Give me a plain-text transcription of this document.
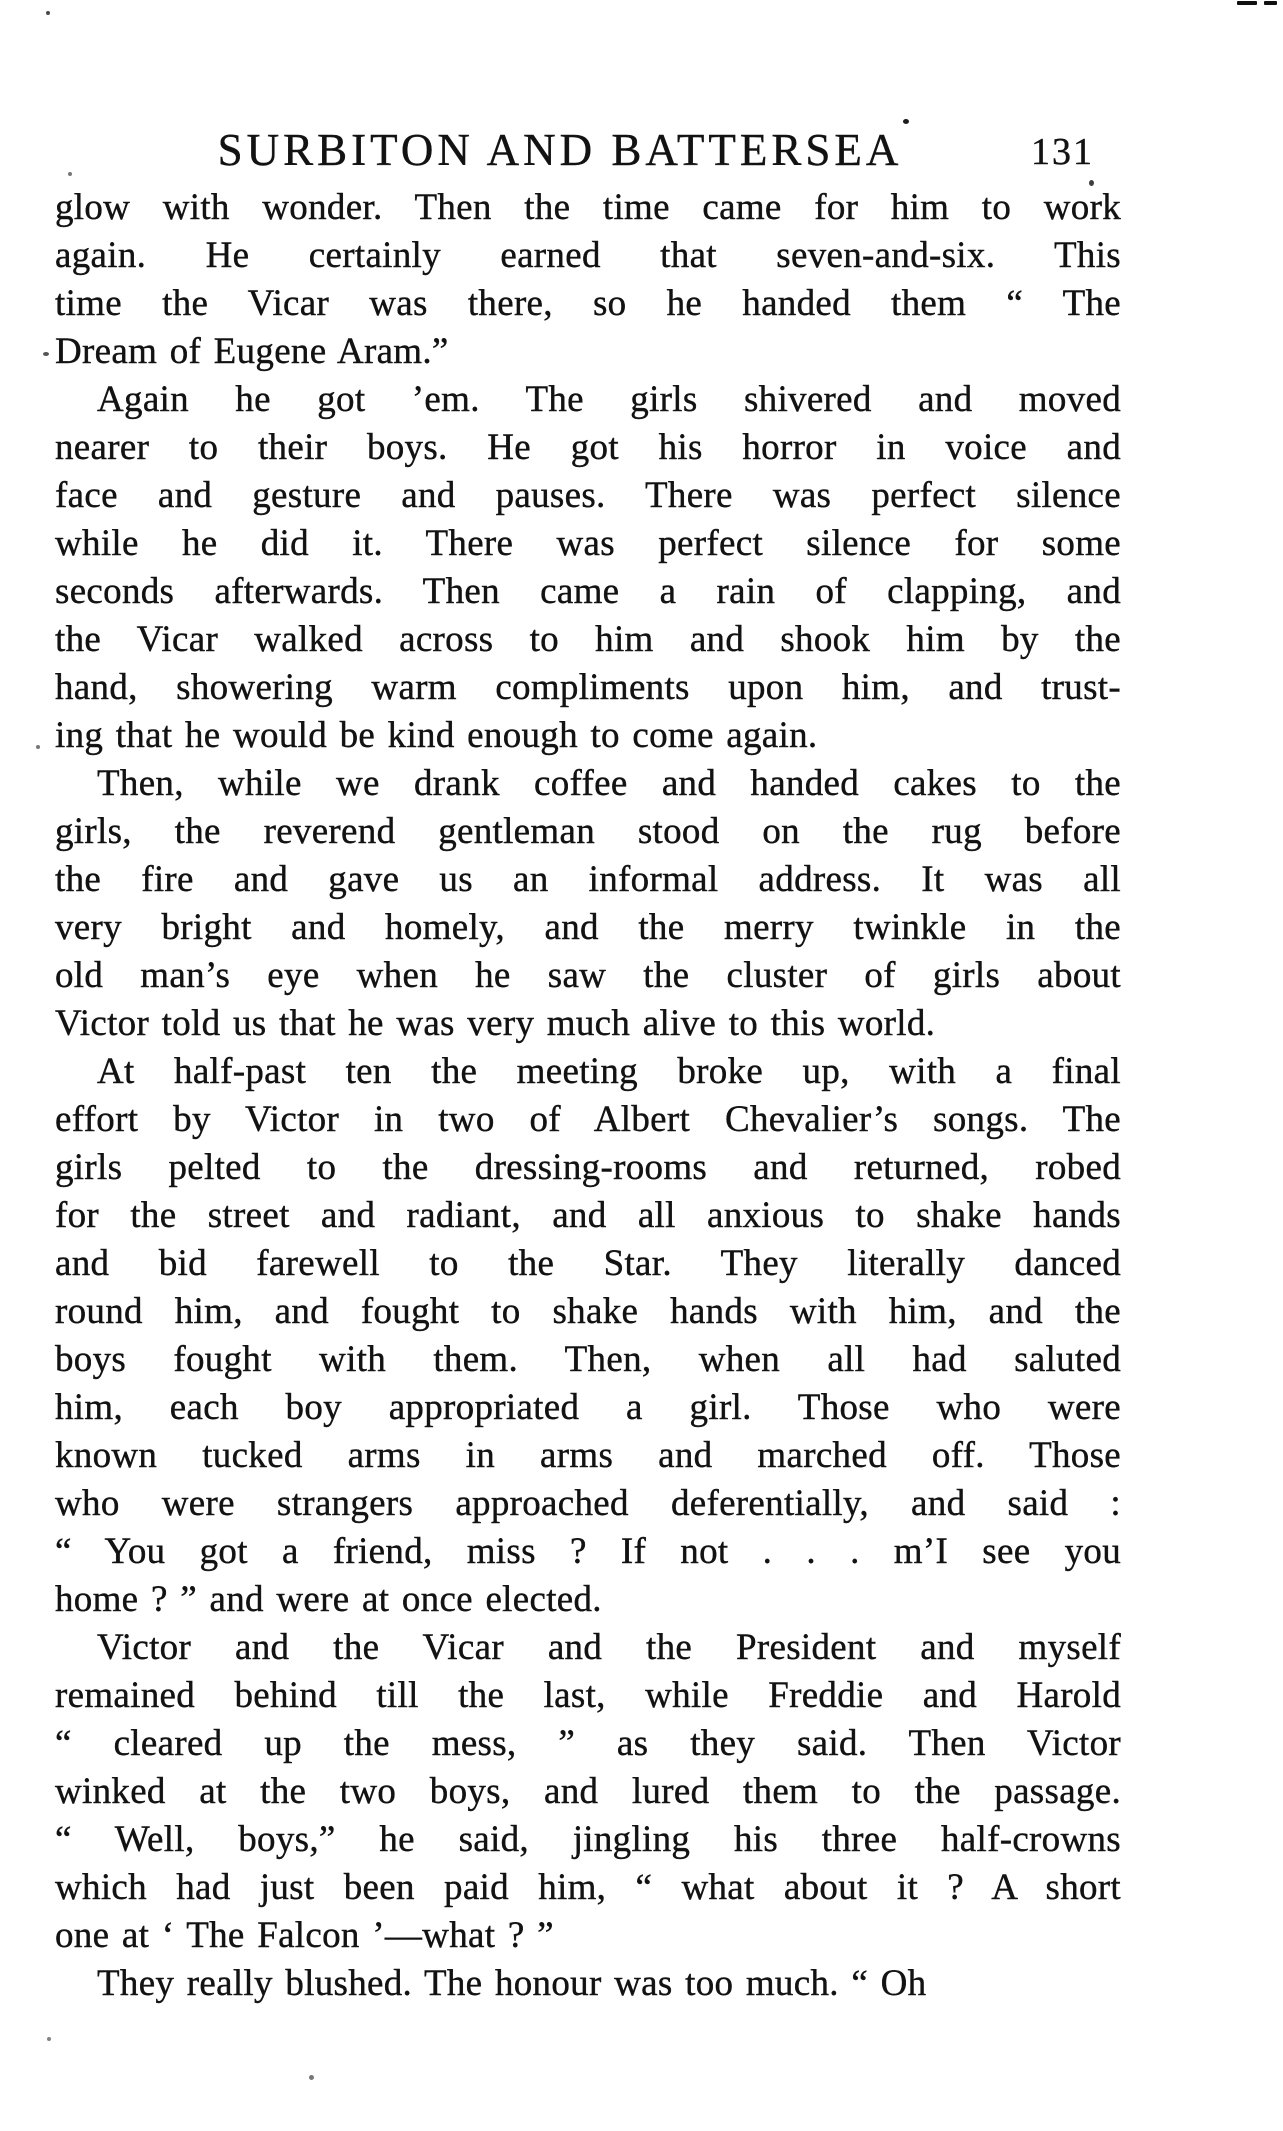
SURBITON AND BATTERSEA	131
glow with wonder. Then the time came for him to work
again. He certainly earned that seven-and-six. This
time the Vicar was there, so he handed them “ The
Dream of Eugene Aram.”
Again he got ’em. The girls shivered and moved
nearer to their boys. He got his horror in voice and
face and gesture and pauses. There was perfect silence
while he did it. There was perfect silence for some
seconds afterwards. Then came a rain of clapping, and
the Vicar walked across to him and shook him by the
hand, showering warm compliments upon him, and trust-
ing that he would be kind enough to come again.
Then, while we drank coffee and handed cakes to the
girls, the reverend gentleman stood on the rug before
the fire and gave us an informal address. It was all
very bright and homely, and the merry twinkle in the
old man’s eye when he saw the cluster of girls about
Victor told us that he was very much alive to this world.
At half-past ten the meeting broke up, with a final
effort by Victor in two of Albert Chevalier’s songs. The
girls pelted to the dressing-rooms and returned, robed
for the street and radiant, and all anxious to shake hands
and bid farewell to the Star. They literally danced
round him, and fought to shake hands with him, and the
boys fought with them. Then, when all had saluted
him, each boy appropriated a girl. Those who were
known tucked arms in arms and marched off. Those
who were strangers approached deferentially, and said :
“ You got a friend, miss ? If not . . . m’I see you
home ? ” and were at once elected.
Victor and the Vicar and the President and myself
remained behind till the last, while Freddie and Harold
“ cleared up the mess, ” as they said. Then Victor
winked at the two boys, and lured them to the passage.
“ Well, boys,” he said, jingling his three half-crowns
which had just been paid him, “ what about it ? A short
one at ‘ The Falcon ’—what ? ”
They really blushed. The honour was too much. “ Oh
